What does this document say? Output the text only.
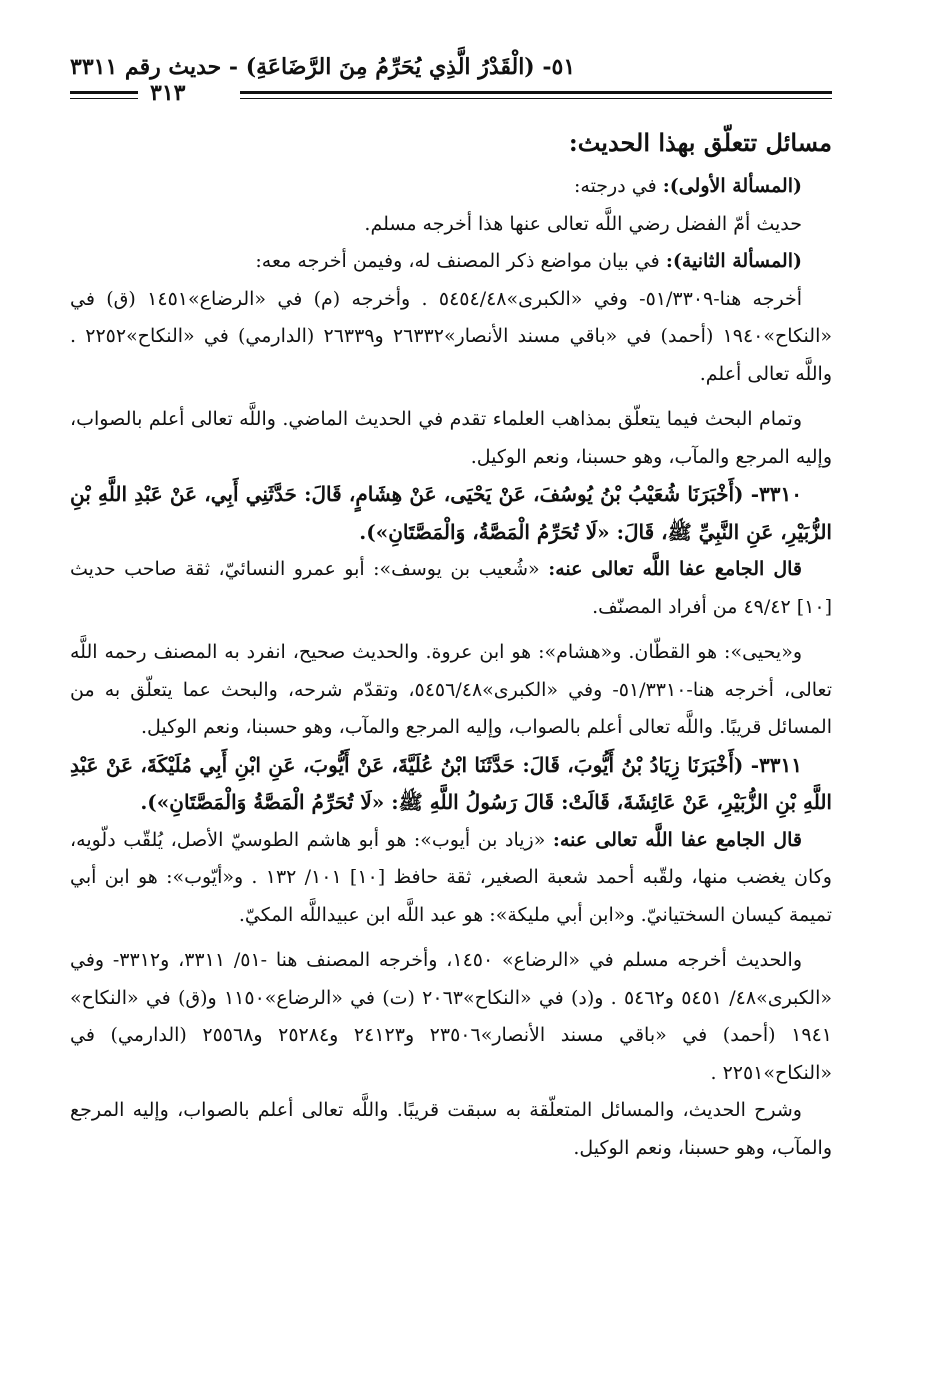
٥١- (الْقَدْرُ الَّذِي يُحَرِّمُ مِنَ الرَّضَاعَةِ) - حديث رقم ٣٣١١
٣١٣
مسائل تتعلّق بهذا الحديث:

(المسألة الأولى): في درجته:

حديث أمّ الفضل رضي اللَّه تعالى عنها هذا أخرجه مسلم.

(المسألة الثانية): في بيان مواضع ذكر المصنف له، وفيمن أخرجه معه:

أخرجه هنا-٥١/٣٣٠٩- وفي «الكبرى»٥٤٥٤/٤٨ . وأخرجه (م) في «الرضاع»١٤٥١ (ق) في «النكاح»١٩٤٠ (أحمد) في «باقي مسند الأنصار»٢٦٣٣٢ و٢٦٣٣٩ (الدارمي) في «النكاح»٢٢٥٢ . واللَّه تعالى أعلم.

وتمام البحث فيما يتعلّق بمذاهب العلماء تقدم في الحديث الماضي. واللَّه تعالى أعلم بالصواب، وإليه المرجع والمآب، وهو حسبنا، ونعم الوكيل.

٣٣١٠- (أَخْبَرَنَا شُعَيْبُ بْنُ يُوسُفَ، عَنْ يَحْيَى، عَنْ هِشَامٍ، قَالَ: حَدَّثَنِي أَبِي، عَنْ عَبْدِ اللَّهِ بْنِ الزُّبَيْرِ، عَنِ النَّبِيِّ ﷺ، قَالَ: «لَا تُحَرِّمُ الْمَصَّةُ، وَالْمَصَّتَانِ»).

قال الجامع عفا اللَّه تعالى عنه: «شُعيب بن يوسف»: أبو عمرو النسائيّ، ثقة صاحب حديث [١٠] ٤٩/٤٢ من أفراد المصنّف.

و«يحيى»: هو القطّان. و«هشام»: هو ابن عروة. والحديث صحيح، انفرد به المصنف رحمه اللَّه تعالى، أخرجه هنا-٥١/٣٣١٠- وفي «الكبرى»٥٤٥٦/٤٨، وتقدّم شرحه، والبحث عما يتعلّق به من المسائل قريبًا. واللَّه تعالى أعلم بالصواب، وإليه المرجع والمآب، وهو حسبنا، ونعم الوكيل.

٣٣١١- (أَخْبَرَنَا زِيَادُ بْنُ أَيُّوبَ، قَالَ: حَدَّثَنَا ابْنُ عُلَيَّةَ، عَنْ أَيُّوبَ، عَنِ ابْنِ أَبِي مُلَيْكَةَ، عَنْ عَبْدِ اللَّهِ بْنِ الزُّبَيْرِ، عَنْ عَائِشَةَ، قَالَتْ: قَالَ رَسُولُ اللَّهِ ﷺ: «لَا تُحَرِّمُ الْمَصَّةُ وَالْمَصَّتَانِ»).

قال الجامع عفا اللَّه تعالى عنه: «زياد بن أيوب»: هو أبو هاشم الطوسيّ الأصل، يُلقّب دلّويه، وكان يغضب منها، ولقّبه أحمد شعبة الصغير، ثقة حافظ [١٠] ١٠١/ ١٣٢ . و«أيّوب»: هو ابن أبي تميمة كيسان السختيانيّ. و«ابن أبي مليكة»: هو عبد اللَّه ابن عبيداللَّه المكيّ.

والحديث أخرجه مسلم في «الرضاع» ١٤٥٠، وأخرجه المصنف هنا -٥١/ ٣٣١١، و٣٣١٢- وفي «الكبرى»٤٨/ ٥٤٥١ و٥٤٦٢ . و(د) في «النكاح»٢٠٦٣ (ت) في «الرضاع»١١٥٠ و(ق) في «النكاح» ١٩٤١ (أحمد) في «باقي مسند الأنصار»٢٣٥٠٦ و٢٤١٢٣ و٢٥٢٨٤ و٢٥٥٦٨ (الدارمي) في «النكاح»٢٢٥١ .

وشرح الحديث، والمسائل المتعلّقة به سبقت قريبًا. واللَّه تعالى أعلم بالصواب، وإليه المرجع والمآب، وهو حسبنا، ونعم الوكيل.
